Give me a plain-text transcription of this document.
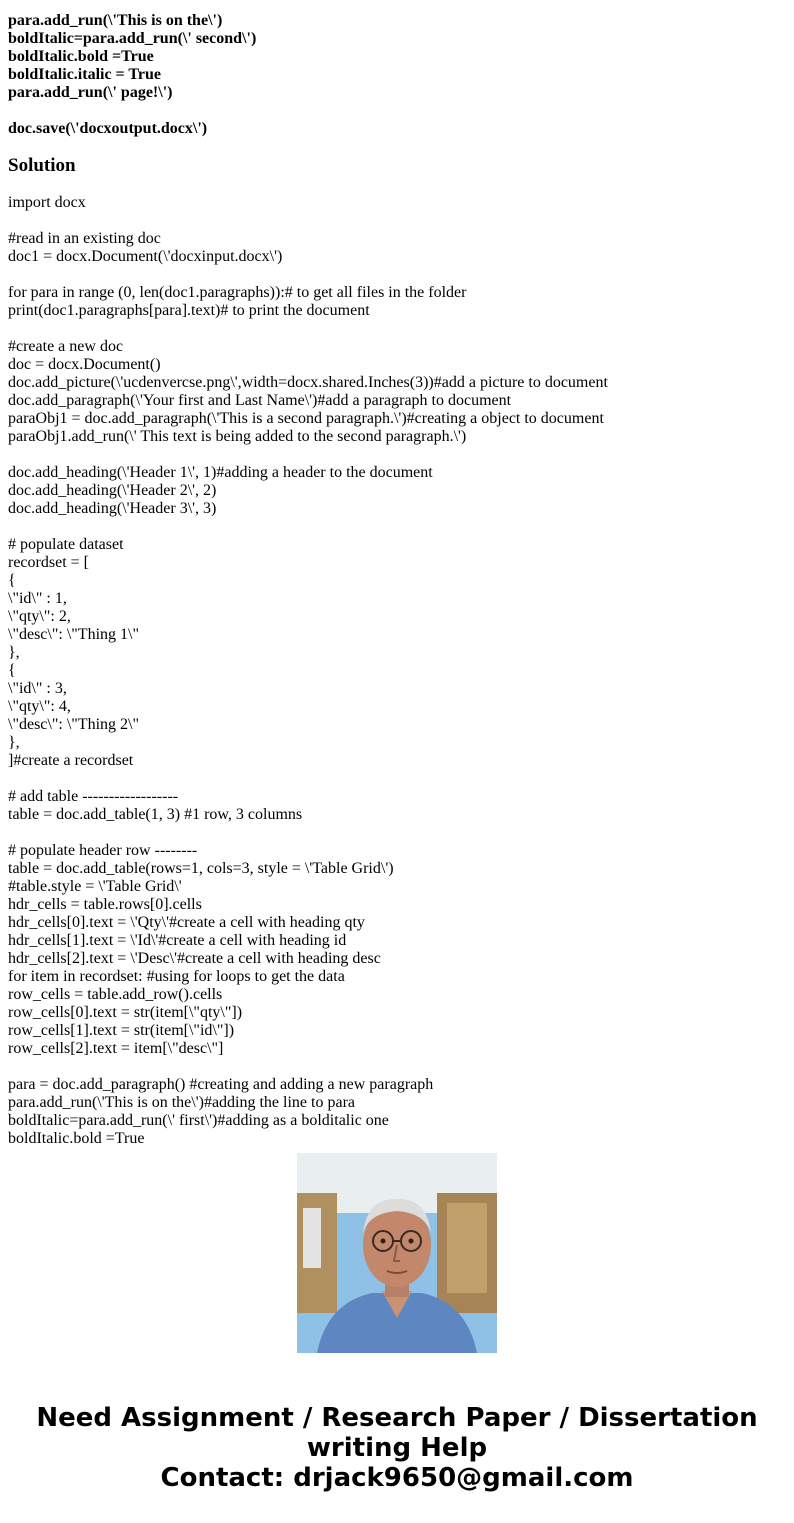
para.add_run(\'This is on the\')
boldItalic=para.add_run(\' second\')
boldItalic.bold =True
boldItalic.italic = True
para.add_run(\' page!\')
doc.save(\'docxoutput.docx\')
Solution
import docx
#read in an existing doc
doc1 = docx.Document(\'docxinput.docx\')
for para in range (0, len(doc1.paragraphs)):# to get all files in the folder
print(doc1.paragraphs[para].text)# to print the document
#create a new doc
doc = docx.Document()
doc.add_picture(\'ucdenvercse.png\',width=docx.shared.Inches(3))#add a picture to document
doc.add_paragraph(\'Your first and Last Name\')#add a paragraph to document
paraObj1 = doc.add_paragraph(\'This is a second paragraph.\')#creating a object to document
paraObj1.add_run(\' This text is being added to the second paragraph.\')
doc.add_heading(\'Header 1\', 1)#adding a header to the document
doc.add_heading(\'Header 2\', 2)
doc.add_heading(\'Header 3\', 3)
# populate dataset
recordset = [
{
\"id\" : 1,
\"qty\": 2,
\"desc\": \"Thing 1\"
},
{
\"id\" : 3,
\"qty\": 4,
\"desc\": \"Thing 2\"
},
]#create a recordset
# add table ------------------
table = doc.add_table(1, 3) #1 row, 3 columns
# populate header row --------
table = doc.add_table(rows=1, cols=3, style = \'Table Grid\')
#table.style = \'Table Grid\'
hdr_cells = table.rows[0].cells
hdr_cells[0].text = \'Qty\'#create a cell with heading qty
hdr_cells[1].text = \'Id\'#create a cell with heading id
hdr_cells[2].text = \'Desc\'#create a cell with heading desc
for item in recordset: #using for loops to get the data
row_cells = table.add_row().cells
row_cells[0].text = str(item[\"qty\"])
row_cells[1].text = str(item[\"id\"])
row_cells[2].text = item[\"desc\"]
para = doc.add_paragraph() #creating and adding a new paragraph
para.add_run(\'This is on the\')#adding the line to para
boldItalic=para.add_run(\' first\')#adding as a bolditalic one
boldItalic.bold =True
Need Assignment / Research Paper / Dissertation
writing Help
Contact: drjack9650@gmail.com
